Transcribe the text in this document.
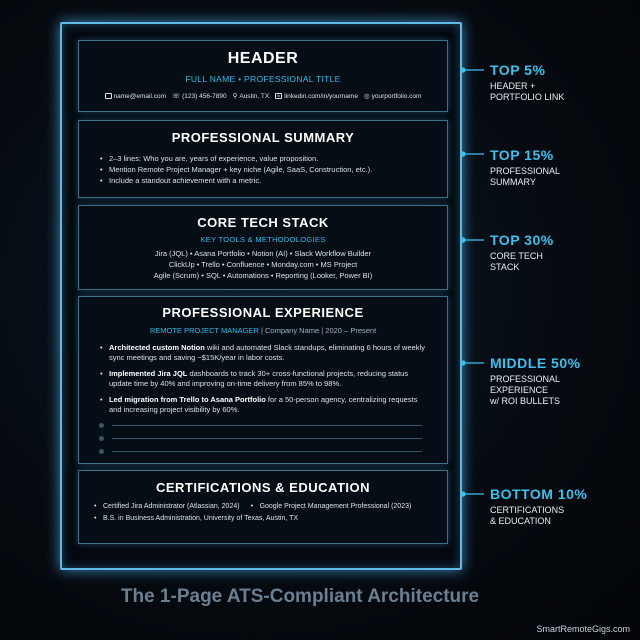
HEADER
FULL NAME • PROFESSIONAL TITLE
name@email.com ☏ (123) 456-7890 ⚲ Austin, TX	in linkedin.com/in/yourname ◎ yourportfolio.com
PROFESSIONAL SUMMARY
• 2–3 lines: Who you are, years of experience, value proposition.
• Mention Remote Project Manager + key niche (Agile, SaaS, Construction, etc.).
• Include a standout achievement with a metric.
CORE TECH STACK
KEY TOOLS & METHODOLOGIES
Jira (JQL) • Asana Portfolio • Notion (AI) • Slack Workflow Builder
ClickUp • Trello • Confluence • Monday.com • MS Project
Agile (Scrum) • SQL • Automations • Reporting (Looker, Power BI)
PROFESSIONAL EXPERIENCE
REMOTE PROJECT MANAGER | Company Name | 2020 – Present
• Architected custom Notion wiki and automated Slack standups, eliminating 6 hours of weekly sync meetings and saving ~$15K/year in labor costs.
• Implemented Jira JQL dashboards to track 30+ cross-functional projects, reducing status update time by 40% and improving on-time delivery from 85% to 98%.
• Led migration from Trello to Asana Portfolio for a 50-person agency, centralizing requests and increasing project visibility by 60%.
CERTIFICATIONS & EDUCATION
• Certified Jira Administrator (Atlassian, 2024)
•	Google Project Management Professional (2023)
• B.S. in Business Administration, University of Texas, Austin, TX
TOP 5%
HEADER +
PORTFOLIO LINK
TOP 15%
PROFESSIONAL
SUMMARY
TOP 30%
CORE TECH
STACK
MIDDLE 50%
PROFESSIONAL
EXPERIENCE
w/ ROI BULLETS
BOTTOM 10%
CERTIFICATIONS
& EDUCATION
The 1-Page ATS-Compliant Architecture
SmartRemoteGigs.com
